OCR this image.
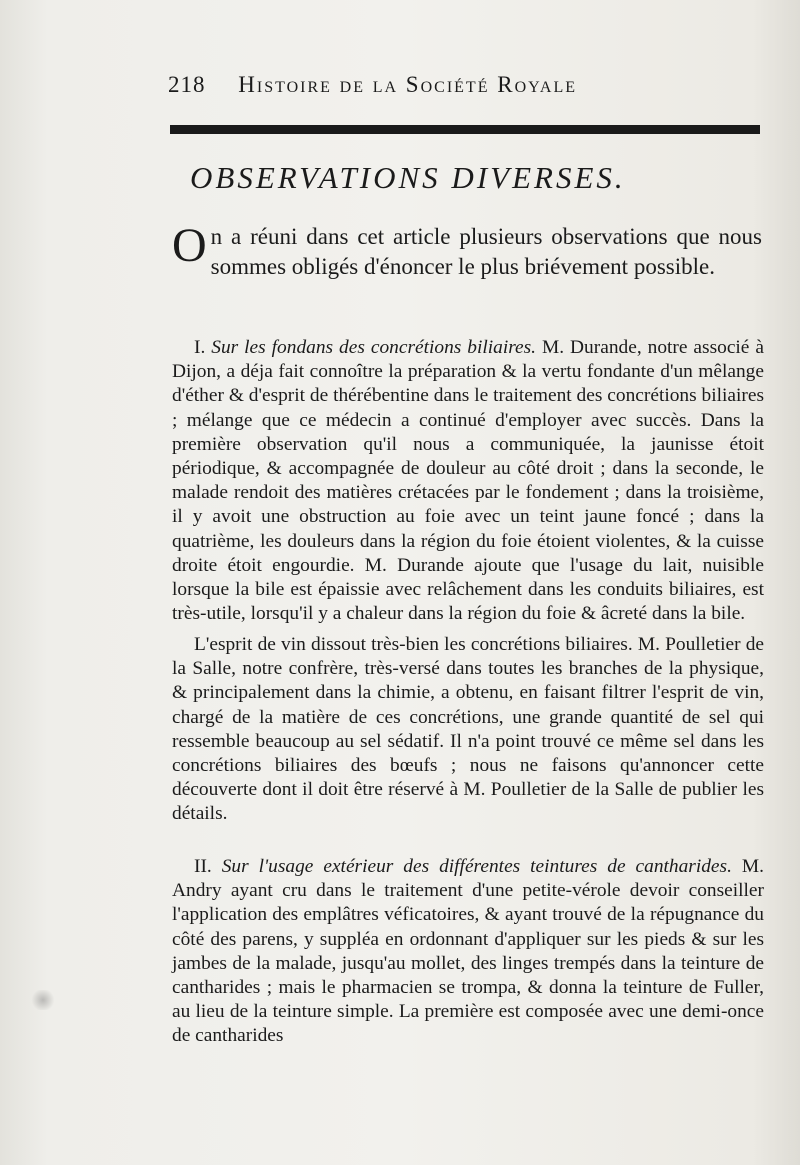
218 Histoire de la Société Royale
OBSERVATIONS DIVERSES.
On a réuni dans cet article plusieurs observations que nous sommes obligés d'énoncer le plus briévement possible.
I. Sur les fondans des concrétions biliaires. M. Durande, notre associé à Dijon, a déja fait connoître la préparation & la vertu fondante d'un mêlange d'éther & d'esprit de thérébentine dans le traitement des concrétions biliaires ; mélange que ce médecin a continué d'employer avec succès. Dans la première observation qu'il nous a communiquée, la jaunisse étoit périodique, & accompagnée de douleur au côté droit ; dans la seconde, le malade rendoit des matières crétacées par le fondement ; dans la troisième, il y avoit une obstruction au foie avec un teint jaune foncé ; dans la quatrième, les douleurs dans la région du foie étoient violentes, & la cuisse droite étoit engourdie. M. Durande ajoute que l'usage du lait, nuisible lorsque la bile est épaissie avec relâchement dans les conduits biliaires, est très-utile, lorsqu'il y a chaleur dans la région du foie & âcreté dans la bile.
L'esprit de vin dissout très-bien les concrétions biliaires. M. Poulletier de la Salle, notre confrère, très-versé dans toutes les branches de la physique, & principalement dans la chimie, a obtenu, en faisant filtrer l'esprit de vin, chargé de la matière de ces concrétions, une grande quantité de sel qui ressemble beaucoup au sel sédatif. Il n'a point trouvé ce même sel dans les concrétions biliaires des bœufs ; nous ne faisons qu'annoncer cette découverte dont il doit être réservé à M. Poulletier de la Salle de publier les détails.
II. Sur l'usage extérieur des différentes teintures de cantharides. M. Andry ayant cru dans le traitement d'une petite-vérole devoir conseiller l'application des emplâtres véficatoires, & ayant trouvé de la répugnance du côté des parens, y suppléa en ordonnant d'appliquer sur les pieds & sur les jambes de la malade, jusqu'au mollet, des linges trempés dans la teinture de cantharides ; mais le pharmacien se trompa, & donna la teinture de Fuller, au lieu de la teinture simple. La première est composée avec une demi-once de cantharides
